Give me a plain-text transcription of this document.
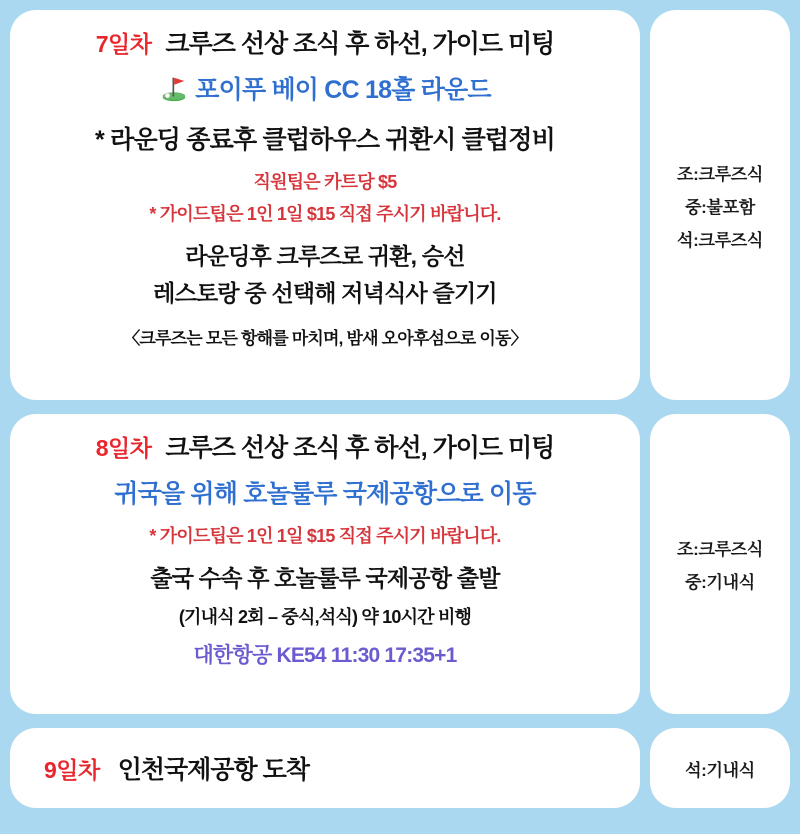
7일차 크루즈 선상 조식 후 하선, 가이드 미팅
포이푸 베이 CC 18홀 라운드
* 라운딩 종료후 클럽하우스 귀환시 클럽정비
직원팁은 카트당 $5
* 가이드팁은 1인 1일 $15 직접 주시기 바랍니다.
라운딩후 크루즈로 귀환, 승선
레스토랑 중 선택해 저녁식사 즐기기
〈크루즈는 모든 항해를 마치며, 밤새 오아후섬으로 이동〉
조:크루즈식
중:불포함
석:크루즈식
8일차 크루즈 선상 조식 후 하선, 가이드 미팅
귀국을 위해 호놀룰루 국제공항으로 이동
* 가이드팁은 1인 1일 $15 직접 주시기 바랍니다.
출국 수속 후 호놀룰루 국제공항 출발
(기내식 2회 – 중식,석식) 약 10시간 비행
대한항공 KE54 11:30 17:35+1
조:크루즈식
중:기내식
9일차 인천국제공항 도착	석:기내식
